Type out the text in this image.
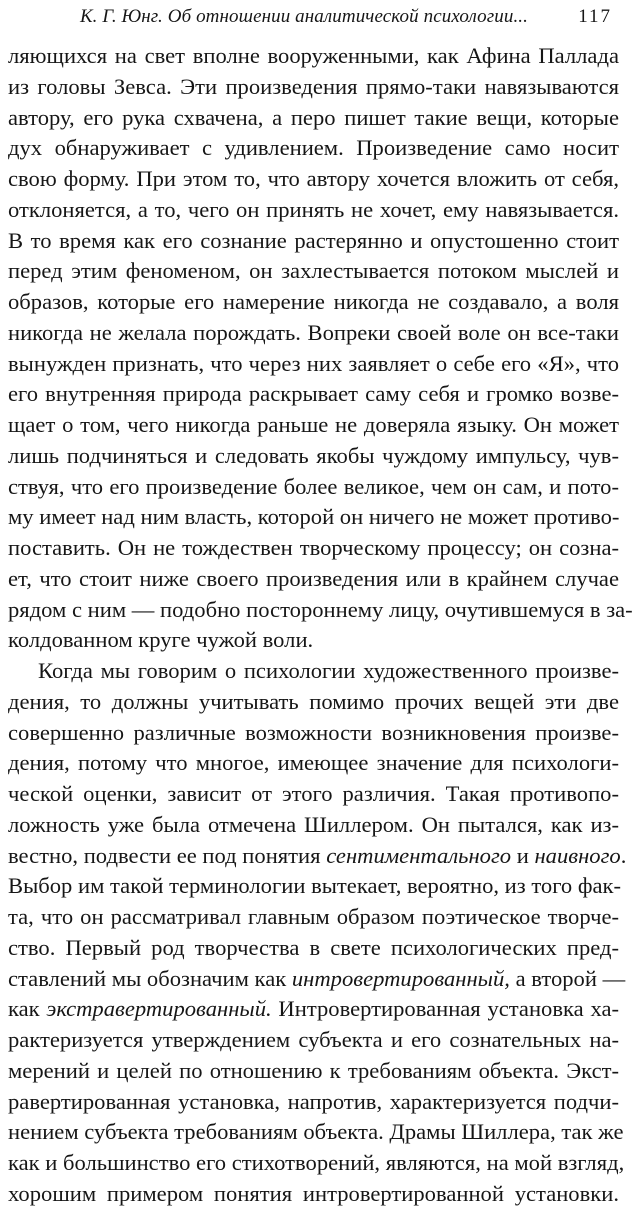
К. Г. Юнг. Об отношении аналитической психологии...	117
ляющихся на свет вполне вооруженными, как Афина Паллада
из головы Зевса. Эти произведения прямо-таки навязываются
автору, его рука схвачена, а перо пишет такие вещи, которые
дух обнаруживает с удивлением. Произведение само носит
свою форму. При этом то, что автору хочется вложить от себя,
отклоняется, а то, чего он принять не хочет, ему навязывается.
В то время как его сознание растерянно и опустошенно стоит
перед этим феноменом, он захлестывается потоком мыслей и
образов, которые его намерение никогда не создавало, а воля
никогда не желала порождать. Вопреки своей воле он все-таки
вынужден признать, что через них заявляет о себе его «Я», что
его внутренняя природа раскрывает саму себя и громко возве-
щает о том, чего никогда раньше не доверяла языку. Он может
лишь подчиняться и следовать якобы чуждому импульсу, чув-
ствуя, что его произведение более великое, чем он сам, и пото-
му имеет над ним власть, которой он ничего не может противо-
поставить. Он не тождествен творческому процессу; он сознa-
ет, что стоит ниже своего произведения или в крайнем случае
рядом с ним — подобно постороннему лицу, очутившемуся в за-
колдованном круге чужой воли.
Когда мы говорим о психологии художественного произве-
дения, то должны учитывать помимо прочих вещей эти две
совершенно различные возможности возникновения произве-
дения, потому что многое, имеющее значение для психологи-
ческой оценки, зависит от этого различия. Такая противопо-
ложность уже была отмечена Шиллером. Он пытался, как из-
вестно, подвести ее под понятия сентиментального и наивного.
Выбор им такой терминологии вытекает, вероятно, из того фак-
та, что он рассматривал главным образом поэтическое творче-
ство. Первый род творчества в свете психологических пред-
ставлений мы обозначим как интровертированный, а второй —
как экстравертированный. Интровертированная установка ха-
рактеризуется утверждением субъекта и его сознательных на-
мерений и целей по отношению к требованиям объекта. Экст-
равертированная установка, напротив, характеризуется подчи-
нением субъекта требованиям объекта. Драмы Шиллера, так же
как и большинство его стихотворений, являются, на мой взгляд,
хорошим примером понятия интровертированной установки.
